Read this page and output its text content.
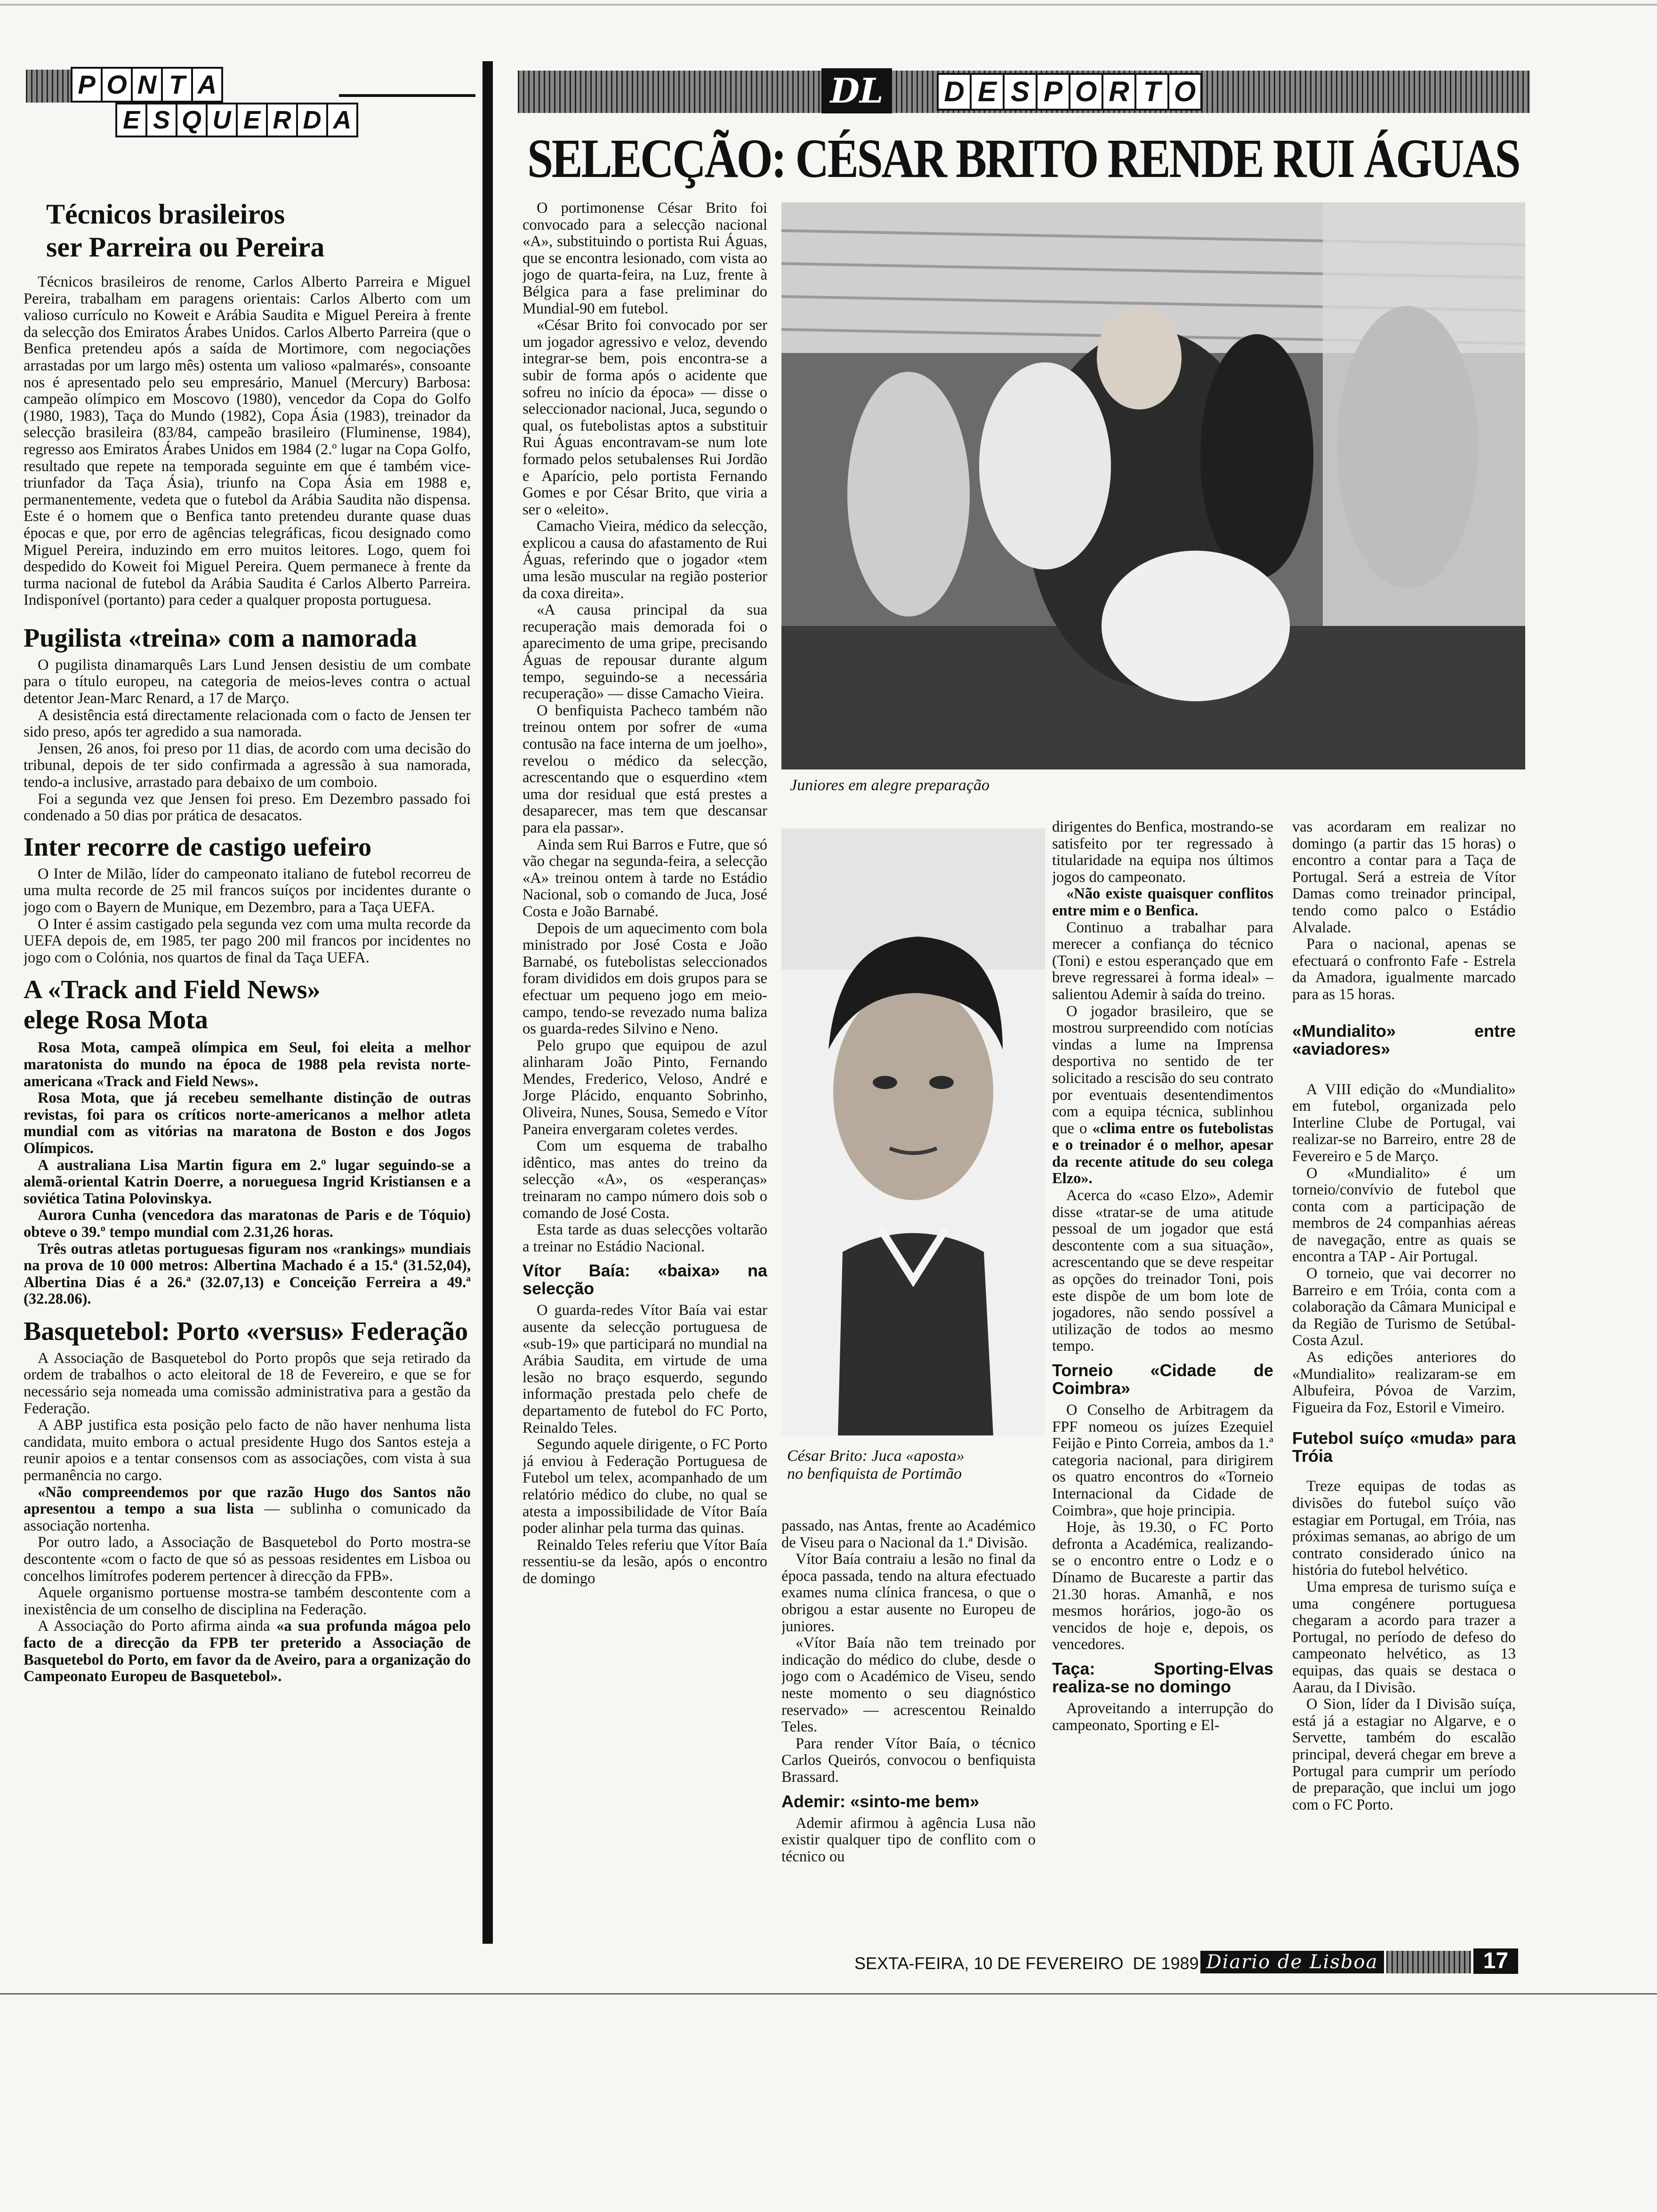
P O N T A
E S Q U E R D A
Técnicos brasileiros
ser Parreira ou Pereira

Técnicos brasileiros de renome, Carlos Alberto Parreira e Miguel Pereira, trabalham em paragens orientais: Carlos Alberto com um valioso currículo no Koweit e Arábia Saudita e Miguel Pereira à frente da selecção dos Emiratos Árabes Unidos. Carlos Alberto Parreira (que o Benfica pretendeu após a saída de Mortimore, com negociações arrastadas por um largo mês) ostenta um valioso «palmarés», consoante nos é apresentado pelo seu empresário, Manuel (Mercury) Barbosa: campeão olímpico em Moscovo (1980), vencedor da Copa do Golfo (1980, 1983), Taça do Mundo (1982), Copa Ásia (1983), treinador da selecção brasileira (83/84, campeão brasileiro (Fluminense, 1984), regresso aos Emiratos Árabes Unidos em 1984 (2.º lugar na Copa Golfo, resultado que repete na temporada seguinte em que é também vice-triunfador da Taça Ásia), triunfo na Copa Ásia em 1988 e, permanentemente, vedeta que o futebol da Arábia Saudita não dispensa. Este é o homem que o Benfica tanto pretendeu durante quase duas épocas e que, por erro de agências telegráficas, ficou designado como Miguel Pereira, induzindo em erro muitos leitores. Logo, quem foi despedido do Koweit foi Miguel Pereira. Quem permanece à frente da turma nacional de futebol da Arábia Saudita é Carlos Alberto Parreira. Indisponível (portanto) para ceder a qualquer proposta portuguesa.

Pugilista «treina» com a namorada

O pugilista dinamarquês Lars Lund Jensen desistiu de um combate para o título europeu, na categoria de meios-leves contra o actual detentor Jean-Marc Renard, a 17 de Março.

A desistência está directamente relacionada com o facto de Jensen ter sido preso, após ter agredido a sua namorada.

Jensen, 26 anos, foi preso por 11 dias, de acordo com uma decisão do tribunal, depois de ter sido confirmada a agressão à sua namorada, tendo-a inclusive, arrastado para debaixo de um comboio.

Foi a segunda vez que Jensen foi preso. Em Dezembro passado foi condenado a 50 dias por prática de desacatos.

Inter recorre de castigo uefeiro

O Inter de Milão, líder do campeonato italiano de futebol recorreu de uma multa recorde de 25 mil francos suíços por incidentes durante o jogo com o Bayern de Munique, em Dezembro, para a Taça UEFA.

O Inter é assim castigado pela segunda vez com uma multa recorde da UEFA depois de, em 1985, ter pago 200 mil francos por incidentes no jogo com o Colónia, nos quartos de final da Taça UEFA.

A «Track and Field News»
elege Rosa Mota

Rosa Mota, campeã olímpica em Seul, foi eleita a melhor maratonista do mundo na época de 1988 pela revista norte-americana «Track and Field News».

Rosa Mota, que já recebeu semelhante distinção de outras revistas, foi para os críticos norte-americanos a melhor atleta mundial com as vitórias na maratona de Boston e dos Jogos Olímpicos.

A australiana Lisa Martin figura em 2.º lugar seguindo-se a alemã-oriental Katrin Doerre, a norueguesa Ingrid Kristiansen e a soviética Tatina Polovinskya.

Aurora Cunha (vencedora das maratonas de Paris e de Tóquio) obteve o 39.º tempo mundial com 2.31,26 horas.

Três outras atletas portuguesas figuram nos «rankings» mundiais na prova de 10 000 metros: Albertina Machado é a 15.ª (31.52,04), Albertina Dias é a 26.ª (32.07,13) e Conceição Ferreira a 49.ª (32.28.06).

Basquetebol: Porto «versus» Federação

A Associação de Basquetebol do Porto propôs que seja retirado da ordem de trabalhos o acto eleitoral de 18 de Fevereiro, e que se for necessário seja nomeada uma comissão administrativa para a gestão da Federação.

A ABP justifica esta posição pelo facto de não haver nenhuma lista candidata, muito embora o actual presidente Hugo dos Santos esteja a reunir apoios e a tentar consensos com as associações, com vista à sua permanência no cargo.

«Não compreendemos por que razão Hugo dos Santos não apresentou a tempo a sua lista — sublinha o comunicado da associação nortenha.

Por outro lado, a Associação de Basquetebol do Porto mostra-se descontente «com o facto de que só as pessoas residentes em Lisboa ou concelhos limítrofes poderem pertencer à direcção da FPB».

Aquele organismo portuense mostra-se também descontente com a inexistência de um conselho de disciplina na Federação.

A Associação do Porto afirma ainda «a sua profunda mágoa pelo facto de a direcção da FPB ter preterido a Associação de Basquetebol do Porto, em favor da de Aveiro, para a organização do Campeonato Europeu de Basquetebol».

DL	D E S P O R T O
SELECÇÃO: CÉSAR BRITO RENDE RUI ÁGUAS
Juniores em alegre preparação
César Brito: Juca «aposta»
no benfiquista de Portimão

O portimonense César Brito foi convocado para a selecção nacional «A», substituindo o portista Rui Águas, que se encontra lesionado, com vista ao jogo de quarta-feira, na Luz, frente à Bélgica para a fase preliminar do Mundial-90 em futebol.

«César Brito foi convocado por ser um jogador agressivo e veloz, devendo integrar-se bem, pois encontra-se a subir de forma após o acidente que sofreu no início da época» — disse o seleccionador nacional, Juca, segundo o qual, os futebolistas aptos a substituir Rui Águas encontravam-se num lote formado pelos setubalenses Rui Jordão e Aparício, pelo portista Fernando Gomes e por César Brito, que viria a ser o «eleito».

Camacho Vieira, médico da selecção, explicou a causa do afastamento de Rui Águas, referindo que o jogador «tem uma lesão muscular na região posterior da coxa direita».

«A causa principal da sua recuperação mais demorada foi o aparecimento de uma gripe, precisando Águas de repousar durante algum tempo, seguindo-se a necessária recuperação» — disse Camacho Vieira.

O benfiquista Pacheco também não treinou ontem por sofrer de «uma contusão na face interna de um joelho», revelou o médico da selecção, acrescentando que o esquerdino «tem uma dor residual que está prestes a desaparecer, mas tem que descansar para ela passar».

Ainda sem Rui Barros e Futre, que só vão chegar na segunda-feira, a selecção «A» treinou ontem à tarde no Estádio Nacional, sob o comando de Juca, José Costa e João Barnabé.

Depois de um aquecimento com bola ministrado por José Costa e João Barnabé, os futebolistas seleccionados foram divididos em dois grupos para se efectuar um pequeno jogo em meio-campo, tendo-se revezado numa baliza os guarda-redes Silvino e Neno.

Pelo grupo que equipou de azul alinharam João Pinto, Fernando Mendes, Frederico, Veloso, André e Jorge Plácido, enquanto Sobrinho, Oliveira, Nunes, Sousa, Semedo e Vítor Paneira envergaram coletes verdes.

Com um esquema de trabalho idêntico, mas antes do treino da selecção «A», os «esperanças» treinaram no campo número dois sob o comando de José Costa.

Esta tarde as duas selecções voltarão a treinar no Estádio Nacional.

Vítor Baía: «baixa» na selecção

O guarda-redes Vítor Baía vai estar ausente da selecção portuguesa de «sub-19» que participará no mundial na Arábia Saudita, em virtude de uma lesão no braço esquerdo, segundo informação prestada pelo chefe de departamento de futebol do FC Porto, Reinaldo Teles.

Segundo aquele dirigente, o FC Porto já enviou à Federação Portuguesa de Futebol um telex, acompanhado de um relatório médico do clube, no qual se atesta a impossibilidade de Vítor Baía poder alinhar pela turma das quinas.

Reinaldo Teles referiu que Vítor Baía ressentiu-se da lesão, após o encontro de domingo

passado, nas Antas, frente ao Académico de Viseu para o Nacional da 1.ª Divisão.

Vítor Baía contraiu a lesão no final da época passada, tendo na altura efectuado exames numa clínica francesa, o que o obrigou a estar ausente no Europeu de juniores.

«Vítor Baía não tem treinado por indicação do médico do clube, desde o jogo com o Académico de Viseu, sendo neste momento o seu diagnóstico reservado» — acrescentou Reinaldo Teles.

Para render Vítor Baía, o técnico Carlos Queirós, convocou o benfiquista Brassard.

Ademir: «sinto-me bem»

Ademir afirmou à agência Lusa não existir qualquer tipo de conflito com o técnico ou

dirigentes do Benfica, mostrando-se satisfeito por ter regressado à titularidade na equipa nos últimos jogos do campeonato.

«Não existe quaisquer conflitos entre mim e o Benfica.

Continuo a trabalhar para merecer a confiança do técnico (Toni) e estou esperançado que em breve regressarei à forma ideal» – salientou Ademir à saída do treino.

O jogador brasileiro, que se mostrou surpreendido com notícias vindas a lume na Imprensa desportiva no sentido de ter solicitado a rescisão do seu contrato por eventuais desentendimentos com a equipa técnica, sublinhou que o «clima entre os futebolistas e o treinador é o melhor, apesar da recente atitude do seu colega Elzo».

Acerca do «caso Elzo», Ademir disse «tratar-se de uma atitude pessoal de um jogador que está descontente com a sua situação», acrescentando que se deve respeitar as opções do treinador Toni, pois este dispõe de um bom lote de jogadores, não sendo possível a utilização de todos ao mesmo tempo.

Torneio «Cidade de Coimbra»

O Conselho de Arbitragem da FPF nomeou os juízes Ezequiel Feijão e Pinto Correia, ambos da 1.ª categoria nacional, para dirigirem os quatro encontros do «Torneio Internacional da Cidade de Coimbra», que hoje principia.

Hoje, às 19.30, o FC Porto defronta a Académica, realizando-se o encontro entre o Lodz e o Dínamo de Bucareste a partir das 21.30 horas. Amanhã, e nos mesmos horários, jogo-ão os vencidos de hoje e, depois, os vencedores.

Taça: Sporting-Elvas realiza-se no domingo

Aproveitando a interrupção do campeonato, Sporting e El-

vas acordaram em realizar no domingo (a partir das 15 horas) o encontro a contar para a Taça de Portugal. Será a estreia de Vítor Damas como treinador principal, tendo como palco o Estádio Alvalade.

Para o nacional, apenas se efectuará o confronto Fafe - Estrela da Amadora, igualmente marcado para as 15 horas.

«Mundialito» entre «aviadores»

A VIII edição do «Mundialito» em futebol, organizada pelo Interline Clube de Portugal, vai realizar-se no Barreiro, entre 28 de Fevereiro e 5 de Março.

O «Mundialito» é um torneio/convívio de futebol que conta com a participação de membros de 24 companhias aéreas de navegação, entre as quais se encontra a TAP - Air Portugal.

O torneio, que vai decorrer no Barreiro e em Tróia, conta com a colaboração da Câmara Municipal e da Região de Turismo de Setúbal-Costa Azul.

As edições anteriores do «Mundialito» realizaram-se em Albufeira, Póvoa de Varzim, Figueira da Foz, Estoril e Vimeiro.

Futebol suíço «muda» para Tróia

Treze equipas de todas as divisões do futebol suíço vão estagiar em Portugal, em Tróia, nas próximas semanas, ao abrigo de um contrato considerado único na história do futebol helvético.

Uma empresa de turismo suíça e uma congénere portuguesa chegaram a acordo para trazer a Portugal, no período de defeso do campeonato helvético, as 13 equipas, das quais se destaca o Aarau, da I Divisão.

O Sion, líder da I Divisão suíça, está já a estagiar no Algarve, e o Servette, também do escalão principal, deverá chegar em breve a Portugal para cumprir um período de preparação, que inclui um jogo com o FC Porto.

SEXTA-FEIRA, 10 DE FEVEREIRO  DE 1989 Diario de Lisboa	17
